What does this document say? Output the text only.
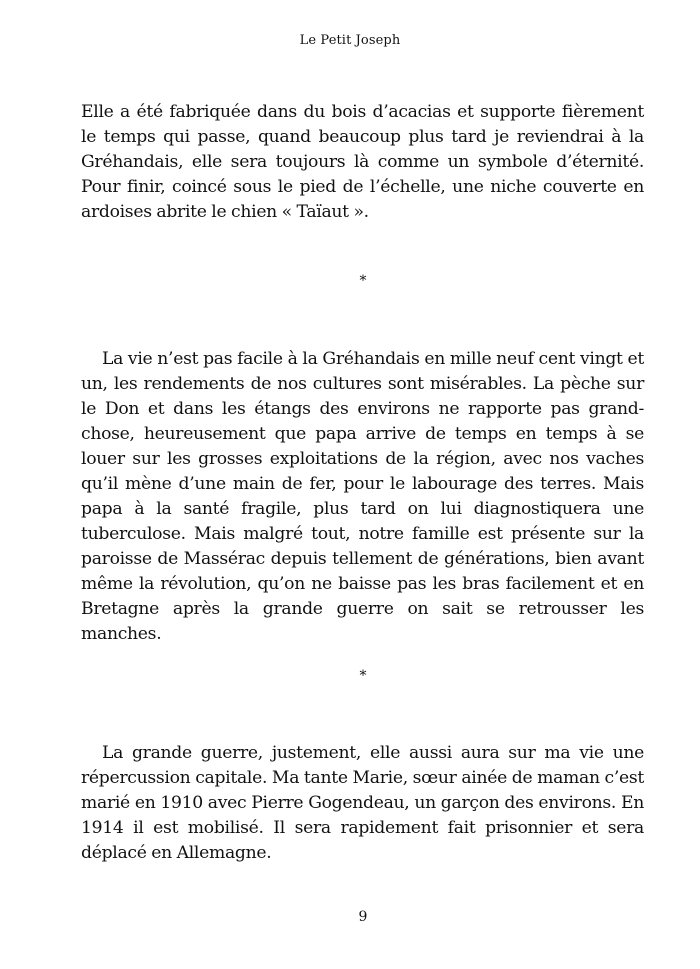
Le Petit Joseph

Elle a été fabriquée dans du bois d’acacias et supporte fièrement le temps qui passe, quand beaucoup plus tard je reviendrai à la Gréhandais, elle sera toujours là comme un symbole d’éternité. Pour finir, coincé sous le pied de l’échelle, une niche couverte en ardoises abrite le chien « Taïaut ».

*

La vie n’est pas facile à la Gréhandais en mille neuf cent vingt et un, les rendements de nos cultures sont misérables. La pèche sur le Don et dans les étangs des environs ne rapporte pas grand-chose, heureusement que papa arrive de temps en temps à se louer sur les grosses exploitations de la région, avec nos vaches qu’il mène d’une main de fer, pour le labourage des terres. Mais papa à la santé fragile, plus tard on lui diagnostiquera une tuberculose. Mais malgré tout, notre famille est présente sur la paroisse de Massérac depuis tellement de générations, bien avant même la révolution, qu’on ne baisse pas les bras facilement et en Bretagne après la grande guerre on sait se retrousser les manches.

*

La grande guerre, justement, elle aussi aura sur ma vie une répercussion capitale. Ma tante Marie, sœur ainée de maman c’est marié en 1910 avec Pierre Gogendeau, un garçon des environs. En 1914 il est mobilisé. Il sera rapidement fait prisonnier et sera déplacé en Allemagne.

9
